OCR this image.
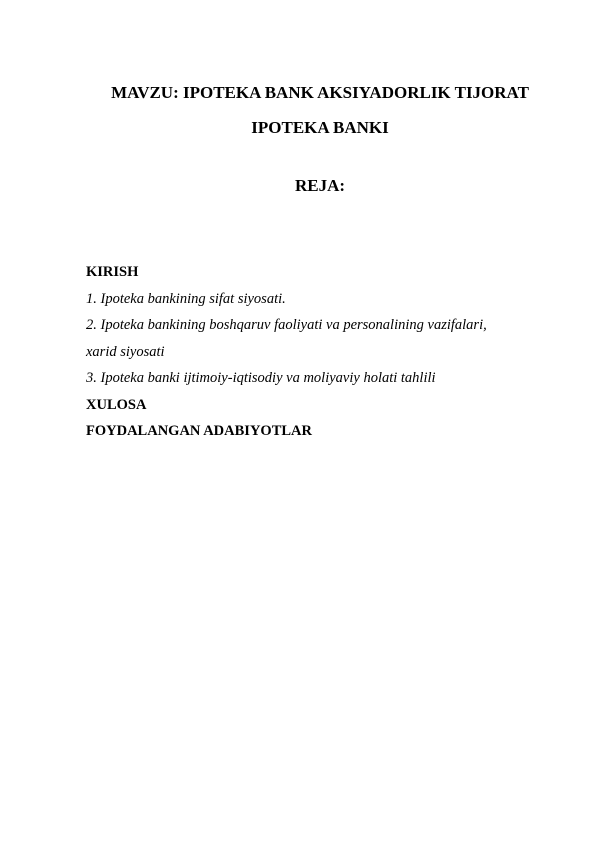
MAVZU: IPOTEKA BANK AKSIYADORLIK TIJORAT
IPOTEKA BANKI
REJA:
KIRISH
1. Ipoteka bankining sifat siyosati.
2. Ipoteka bankining boshqaruv faoliyati va personalining vazifalari,
xarid siyosati
3. Ipoteka banki ijtimoiy-iqtisodiy va moliyaviy holati tahlili
XULOSA
FOYDALANGAN ADABIYOTLAR
